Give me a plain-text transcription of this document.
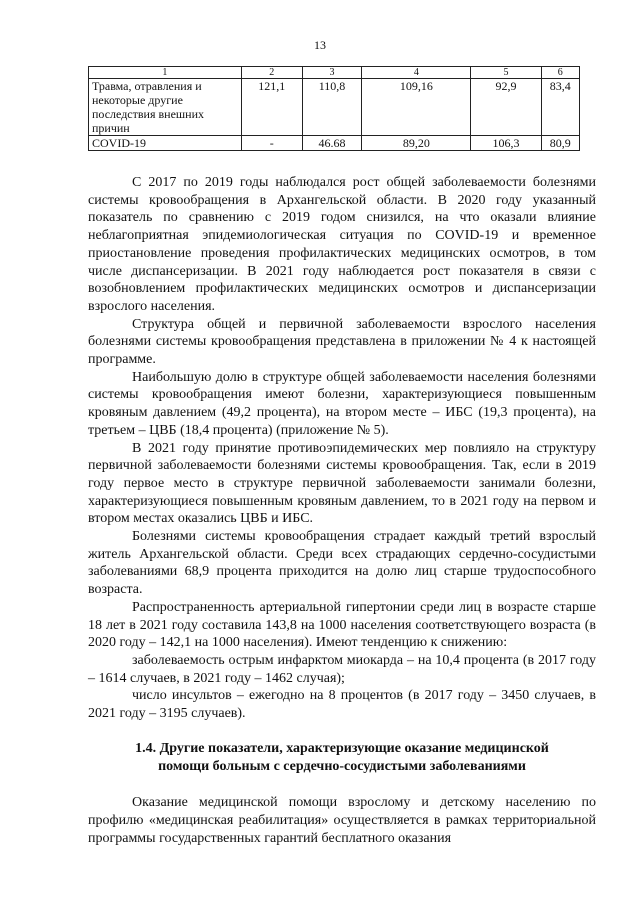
13
1	2	3	4	5	6
Травма, отравления и некоторые другие последствия внешних причин	121,1	110,8	109,16	92,9	83,4
COVID-19	-	46.68	89,20	106,3	80,9

С 2017 по 2019 годы наблюдался рост общей заболеваемости болезнями системы кровообращения в Архангельской области. В 2020 году указанный показатель по сравнению с 2019 годом снизился, на что оказали влияние неблагоприятная эпидемиологическая ситуация по COVID-19 и временное приостановление проведения профилактических медицинских осмотров, в том числе диспансеризации. В 2021 году наблюдается рост показателя в связи с возобновлением профилактических медицинских осмотров и диспансеризации взрослого населения.

Структура общей и первичной заболеваемости взрослого населения болезнями системы кровообращения представлена в приложении № 4 к настоящей программе.

Наибольшую долю в структуре общей заболеваемости населения болезнями системы кровообращения имеют болезни, характеризующиеся повышенным кровяным давлением (49,2 процента), на втором месте – ИБС (19,3 процента), на третьем – ЦВБ (18,4 процента) (приложение № 5).

В 2021 году принятие противоэпидемических мер повлияло на структуру первичной заболеваемости болезнями системы кровообращения. Так, если в 2019 году первое место в структуре первичной заболеваемости занимали болезни, характеризующиеся повышенным кровяным давлением, то в 2021 году на первом и втором местах оказались ЦВБ и ИБС.

Болезнями системы кровообращения страдает каждый третий взрослый житель Архангельской области. Среди всех страдающих сердечно-сосудистыми заболеваниями 68,9 процента приходится на долю лиц старше трудоспособного возраста.

Распространенность артериальной гипертонии среди лиц в возрасте старше 18 лет в 2021 году составила 143,8 на 1000 населения соответствующего возраста (в 2020 году – 142,1 на 1000 населения). Имеют тенденцию к снижению:

заболеваемость острым инфарктом миокарда – на 10,4 процента (в 2017 году – 1614 случаев, в 2021 году – 1462 случая);

число инсультов – ежегодно на 8 процентов (в 2017 году – 3450 случаев, в 2021 году – 3195 случаев).

1.4. Другие показатели, характеризующие оказание медицинской помощи больным с сердечно-сосудистыми заболеваниями

Оказание медицинской помощи взрослому и детскому населению по профилю «медицинская реабилитация» осуществляется в рамках территориальной программы государственных гарантий бесплатного оказания
